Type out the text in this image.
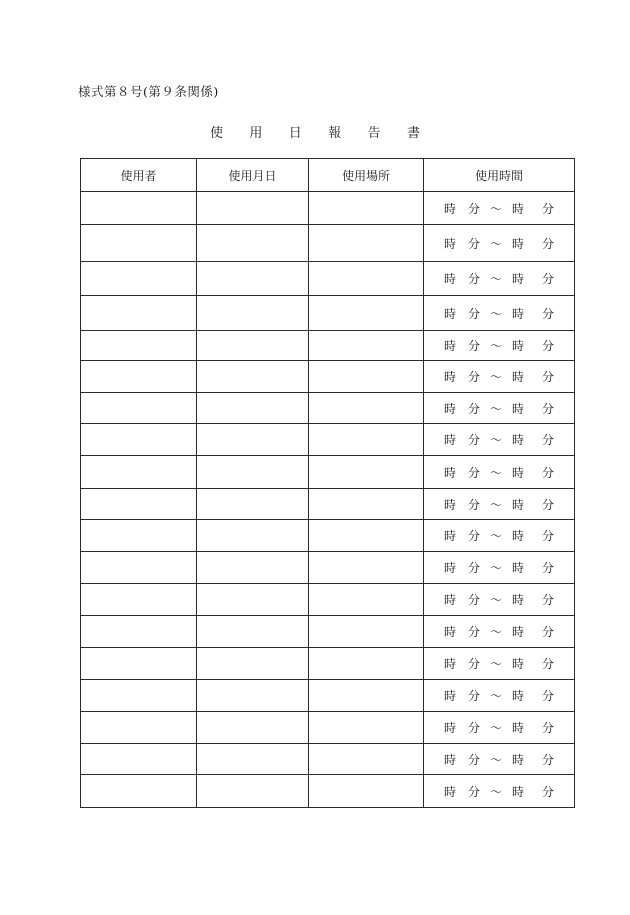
様式第８号(第９条関係)
使 用 日 報 告 書
使用者	使用月日	使用場所	使用時間

			時 分 ～ 時 分

			時 分 ～ 時 分

			時 分 ～ 時 分

			時 分 ～ 時 分

			時 分 ～ 時 分

			時 分 ～ 時 分

			時 分 ～ 時 分

			時 分 ～ 時 分

			時 分 ～ 時 分

			時 分 ～ 時 分

			時 分 ～ 時 分

			時 分 ～ 時 分

			時 分 ～ 時 分

			時 分 ～ 時 分

			時 分 ～ 時 分

			時 分 ～ 時 分

			時 分 ～ 時 分

			時 分 ～ 時 分

			時 分 ～ 時 分
